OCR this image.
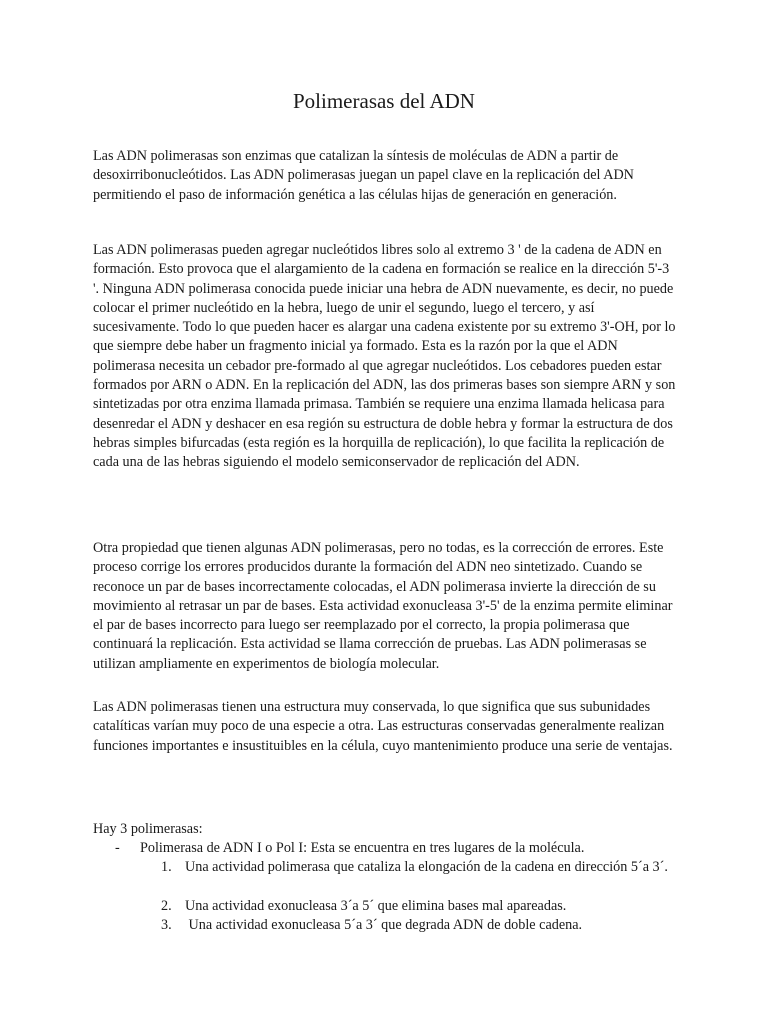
Polimerasas del ADN

Las ADN polimerasas son enzimas que catalizan la síntesis de moléculas de ADN a partir de desoxirribonucleótidos. Las ADN polimerasas juegan un papel clave en la replicación del ADN permitiendo el paso de información genética a las células hijas de generación en generación.

Las ADN polimerasas pueden agregar nucleótidos libres solo al extremo 3 ' de la cadena de ADN en formación. Esto provoca que el alargamiento de la cadena en formación se realice en la dirección 5'-3 '. Ninguna ADN polimerasa conocida puede iniciar una hebra de ADN nuevamente, es decir, no puede colocar el primer nucleótido en la hebra, luego de unir el segundo, luego el tercero, y así sucesivamente. Todo lo que pueden hacer es alargar una cadena existente por su extremo 3'-OH, por lo que siempre debe haber un fragmento inicial ya formado. Esta es la razón por la que el ADN polimerasa necesita un cebador pre-formado al que agregar nucleótidos. Los cebadores pueden estar formados por ARN o ADN. En la replicación del ADN, las dos primeras bases son siempre ARN y son sintetizadas por otra enzima llamada primasa. También se requiere una enzima llamada helicasa para desenredar el ADN y deshacer en esa región su estructura de doble hebra y formar la estructura de dos hebras simples bifurcadas (esta región es la horquilla de replicación), lo que facilita la replicación de cada una de las hebras siguiendo el modelo semiconservador de replicación del ADN.

Otra propiedad que tienen algunas ADN polimerasas, pero no todas, es la corrección de errores. Este proceso corrige los errores producidos durante la formación del ADN neo sintetizado. Cuando se reconoce un par de bases incorrectamente colocadas, el ADN polimerasa invierte la dirección de su movimiento al retrasar un par de bases. Esta actividad exonucleasa 3'-5' de la enzima permite eliminar el par de bases incorrecto para luego ser reemplazado por el correcto, la propia polimerasa que continuará la replicación. Esta actividad se llama corrección de pruebas. Las ADN polimerasas se utilizan ampliamente en experimentos de biología molecular.

Las ADN polimerasas tienen una estructura muy conservada, lo que significa que sus subunidades catalíticas varían muy poco de una especie a otra. Las estructuras conservadas generalmente realizan funciones importantes e insustituibles en la célula, cuyo mantenimiento produce una serie de ventajas.

Hay 3 polimerasas:

- Polimerasa de ADN I o Pol I: Esta se encuentra en tres lugares de la molécula.
1. Una actividad polimerasa que cataliza la elongación de la cadena en dirección 5´a 3´.
2. Una actividad exonucleasa 3´a 5´ que elimina bases mal apareadas.
3. Una actividad exonucleasa 5´a 3´ que degrada ADN de doble cadena.
